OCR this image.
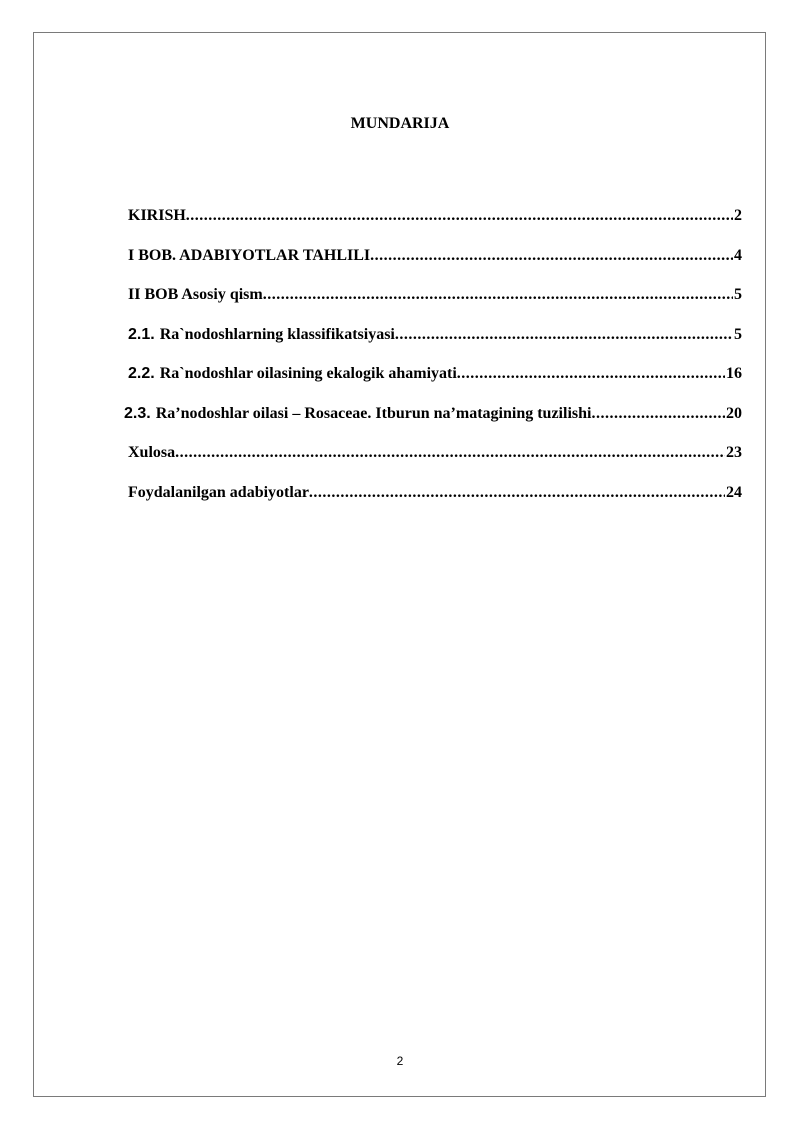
MUNDARIJA
KIRISH .....	2
I BOB. ADABIYOTLAR TAHLILI .....	4
II BOB Asosiy qism .....	5
2.1. Ra`nodoshlarning klassifikatsiyasi .....	5
2.2. Ra`nodoshlar oilasining ekalogik ahamiyati .....	16
2.3. Ra’nodoshlar oilasi – Rosaceae. Itburun na’matagining tuzilishi .....	20
Xulosa .....	23
Foydalanilgan adabiyotlar .....	24
2
